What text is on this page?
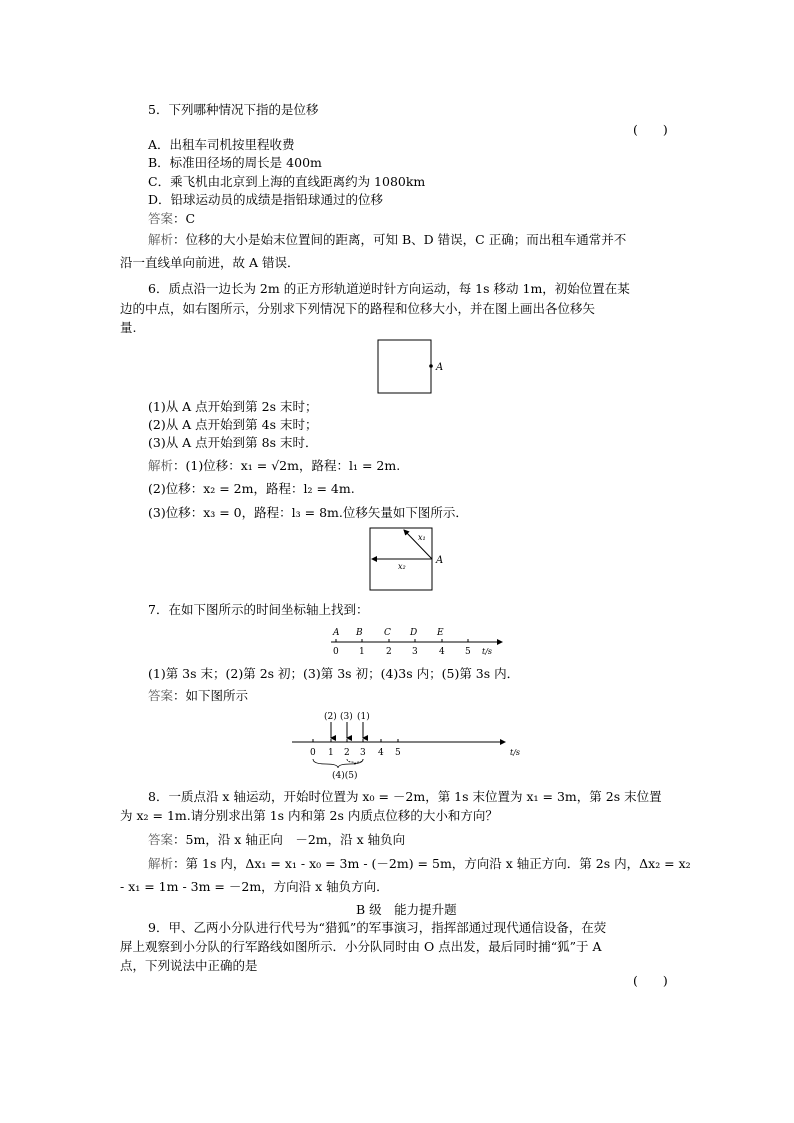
5．下列哪种情况下指的是位移
(　　)
A．出租车司机按里程收费
B．标准田径场的周长是 400m
C．乘飞机由北京到上海的直线距离约为 1080km
D．铅球运动员的成绩是指铅球通过的位移
答案：C
解析：位移的大小是始末位置间的距离，可知 B、D 错误，C 正确；而出租车通常并不
沿一直线单向前进，故 A 错误．
6．质点沿一边长为 2m 的正方形轨道逆时针方向运动，每 1s 移动 1m，初始位置在某
边的中点，如右图所示，分别求下列情况下的路程和位移大小，并在图上画出各位移矢
量.
A
(1)从 A 点开始到第 2s 末时；
(2)从 A 点开始到第 4s 末时；
(3)从 A 点开始到第 8s 末时．
解析：(1)位移：x₁ = √2m，路程：l₁ = 2m.
(2)位移：x₂ = 2m，路程：l₂ = 4m.
(3)位移：x₃ = 0，路程：l₃ = 8m.位移矢量如下图所示．
x₁
x₂
A
7．在如下图所示的时间坐标轴上找到：
A B C D E
0 1 2 3 4 5 t/s
(1)第 3s 末；(2)第 2s 初；(3)第 3s 初；(4)3s 内；(5)第 3s 内．
答案：如下图所示
(2) (3) (1)
0 1 2 3 4 5	t/s
(4)(5)
8．一质点沿 x 轴运动，开始时位置为 x₀ = －2m，第 1s 末位置为 x₁ = 3m，第 2s 末位置
为 x₂ = 1m.请分别求出第 1s 内和第 2s 内质点位移的大小和方向？
答案：5m，沿 x 轴正向　－2m，沿 x 轴负向
解析：第 1s 内，Δx₁ = x₁ - x₀ = 3m - (－2m) = 5m，方向沿 x 轴正方向．第 2s 内，Δx₂ = x₂
- x₁ = 1m - 3m = －2m，方向沿 x 轴负方向．
B 级　能力提升题
9．甲、乙两小分队进行代号为“猎狐”的军事演习，指挥部通过现代通信设备，在荧
屏上观察到小分队的行军路线如图所示．小分队同时由 O 点出发，最后同时捕“狐”于 A
点，下列说法中正确的是
(　　)
